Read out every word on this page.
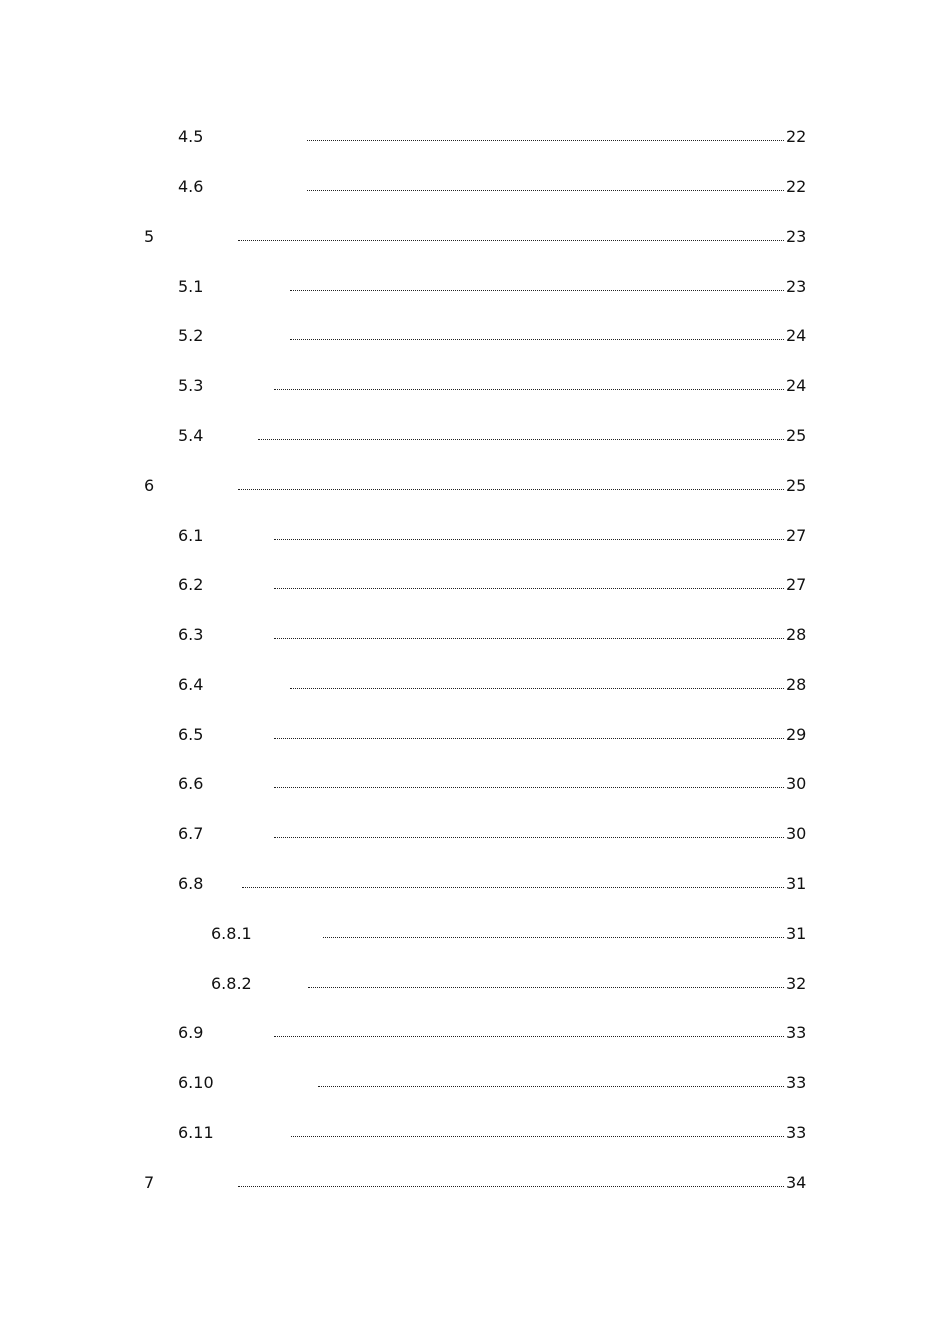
4.5	22
4.6	22
5	23
5.1	23
5.2	24
5.3	24
5.4	25
6	25
6.1	27
6.2	27
6.3	28
6.4	28
6.5	29
6.6	30
6.7	30
6.8	31
6.8.1	31
6.8.2	32
6.9	33
6.10	33
6.11	33
7	34
